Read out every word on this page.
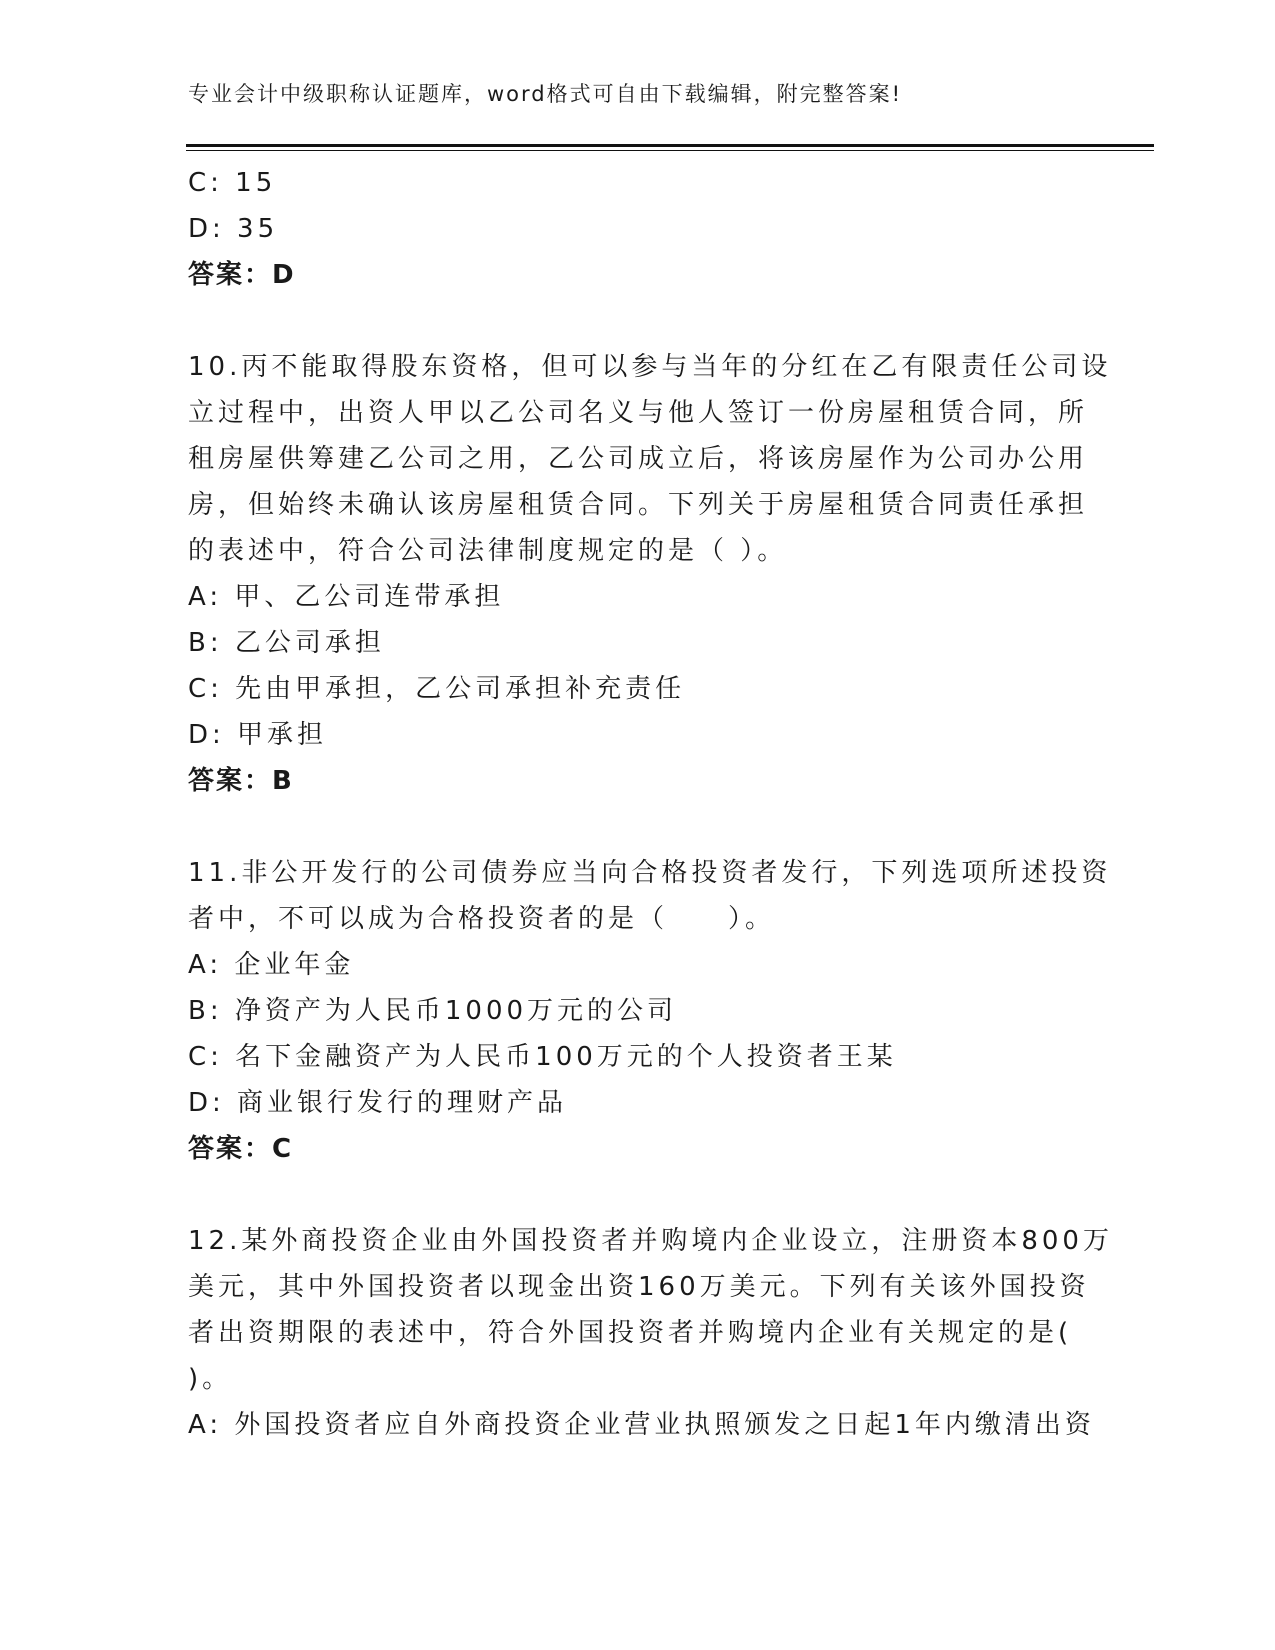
专业会计中级职称认证题库，word格式可自由下载编辑，附完整答案!

C: 15

D: 35

答案：D

10.丙不能取得股东资格，但可以参与当年的分红在乙有限责任公司设

立过程中，出资人甲以乙公司名义与他人签订一份房屋租赁合同，所

租房屋供筹建乙公司之用，乙公司成立后，将该房屋作为公司办公用

房，但始终未确认该房屋租赁合同。下列关于房屋租赁合同责任承担

的表述中，符合公司法律制度规定的是（ ）。

A: 甲、乙公司连带承担

B: 乙公司承担

C: 先由甲承担，乙公司承担补充责任

D: 甲承担

答案：B

11.非公开发行的公司债券应当向合格投资者发行，下列选项所述投资

者中，不可以成为合格投资者的是（　　）。

A: 企业年金

B: 净资产为人民币1000万元的公司

C: 名下金融资产为人民币100万元的个人投资者王某

D: 商业银行发行的理财产品

答案：C

12.某外商投资企业由外国投资者并购境内企业设立，注册资本800万

美元，其中外国投资者以现金出资160万美元。下列有关该外国投资

者出资期限的表述中，符合外国投资者并购境内企业有关规定的是(

)。

A: 外国投资者应自外商投资企业营业执照颁发之日起1年内缴清出资
